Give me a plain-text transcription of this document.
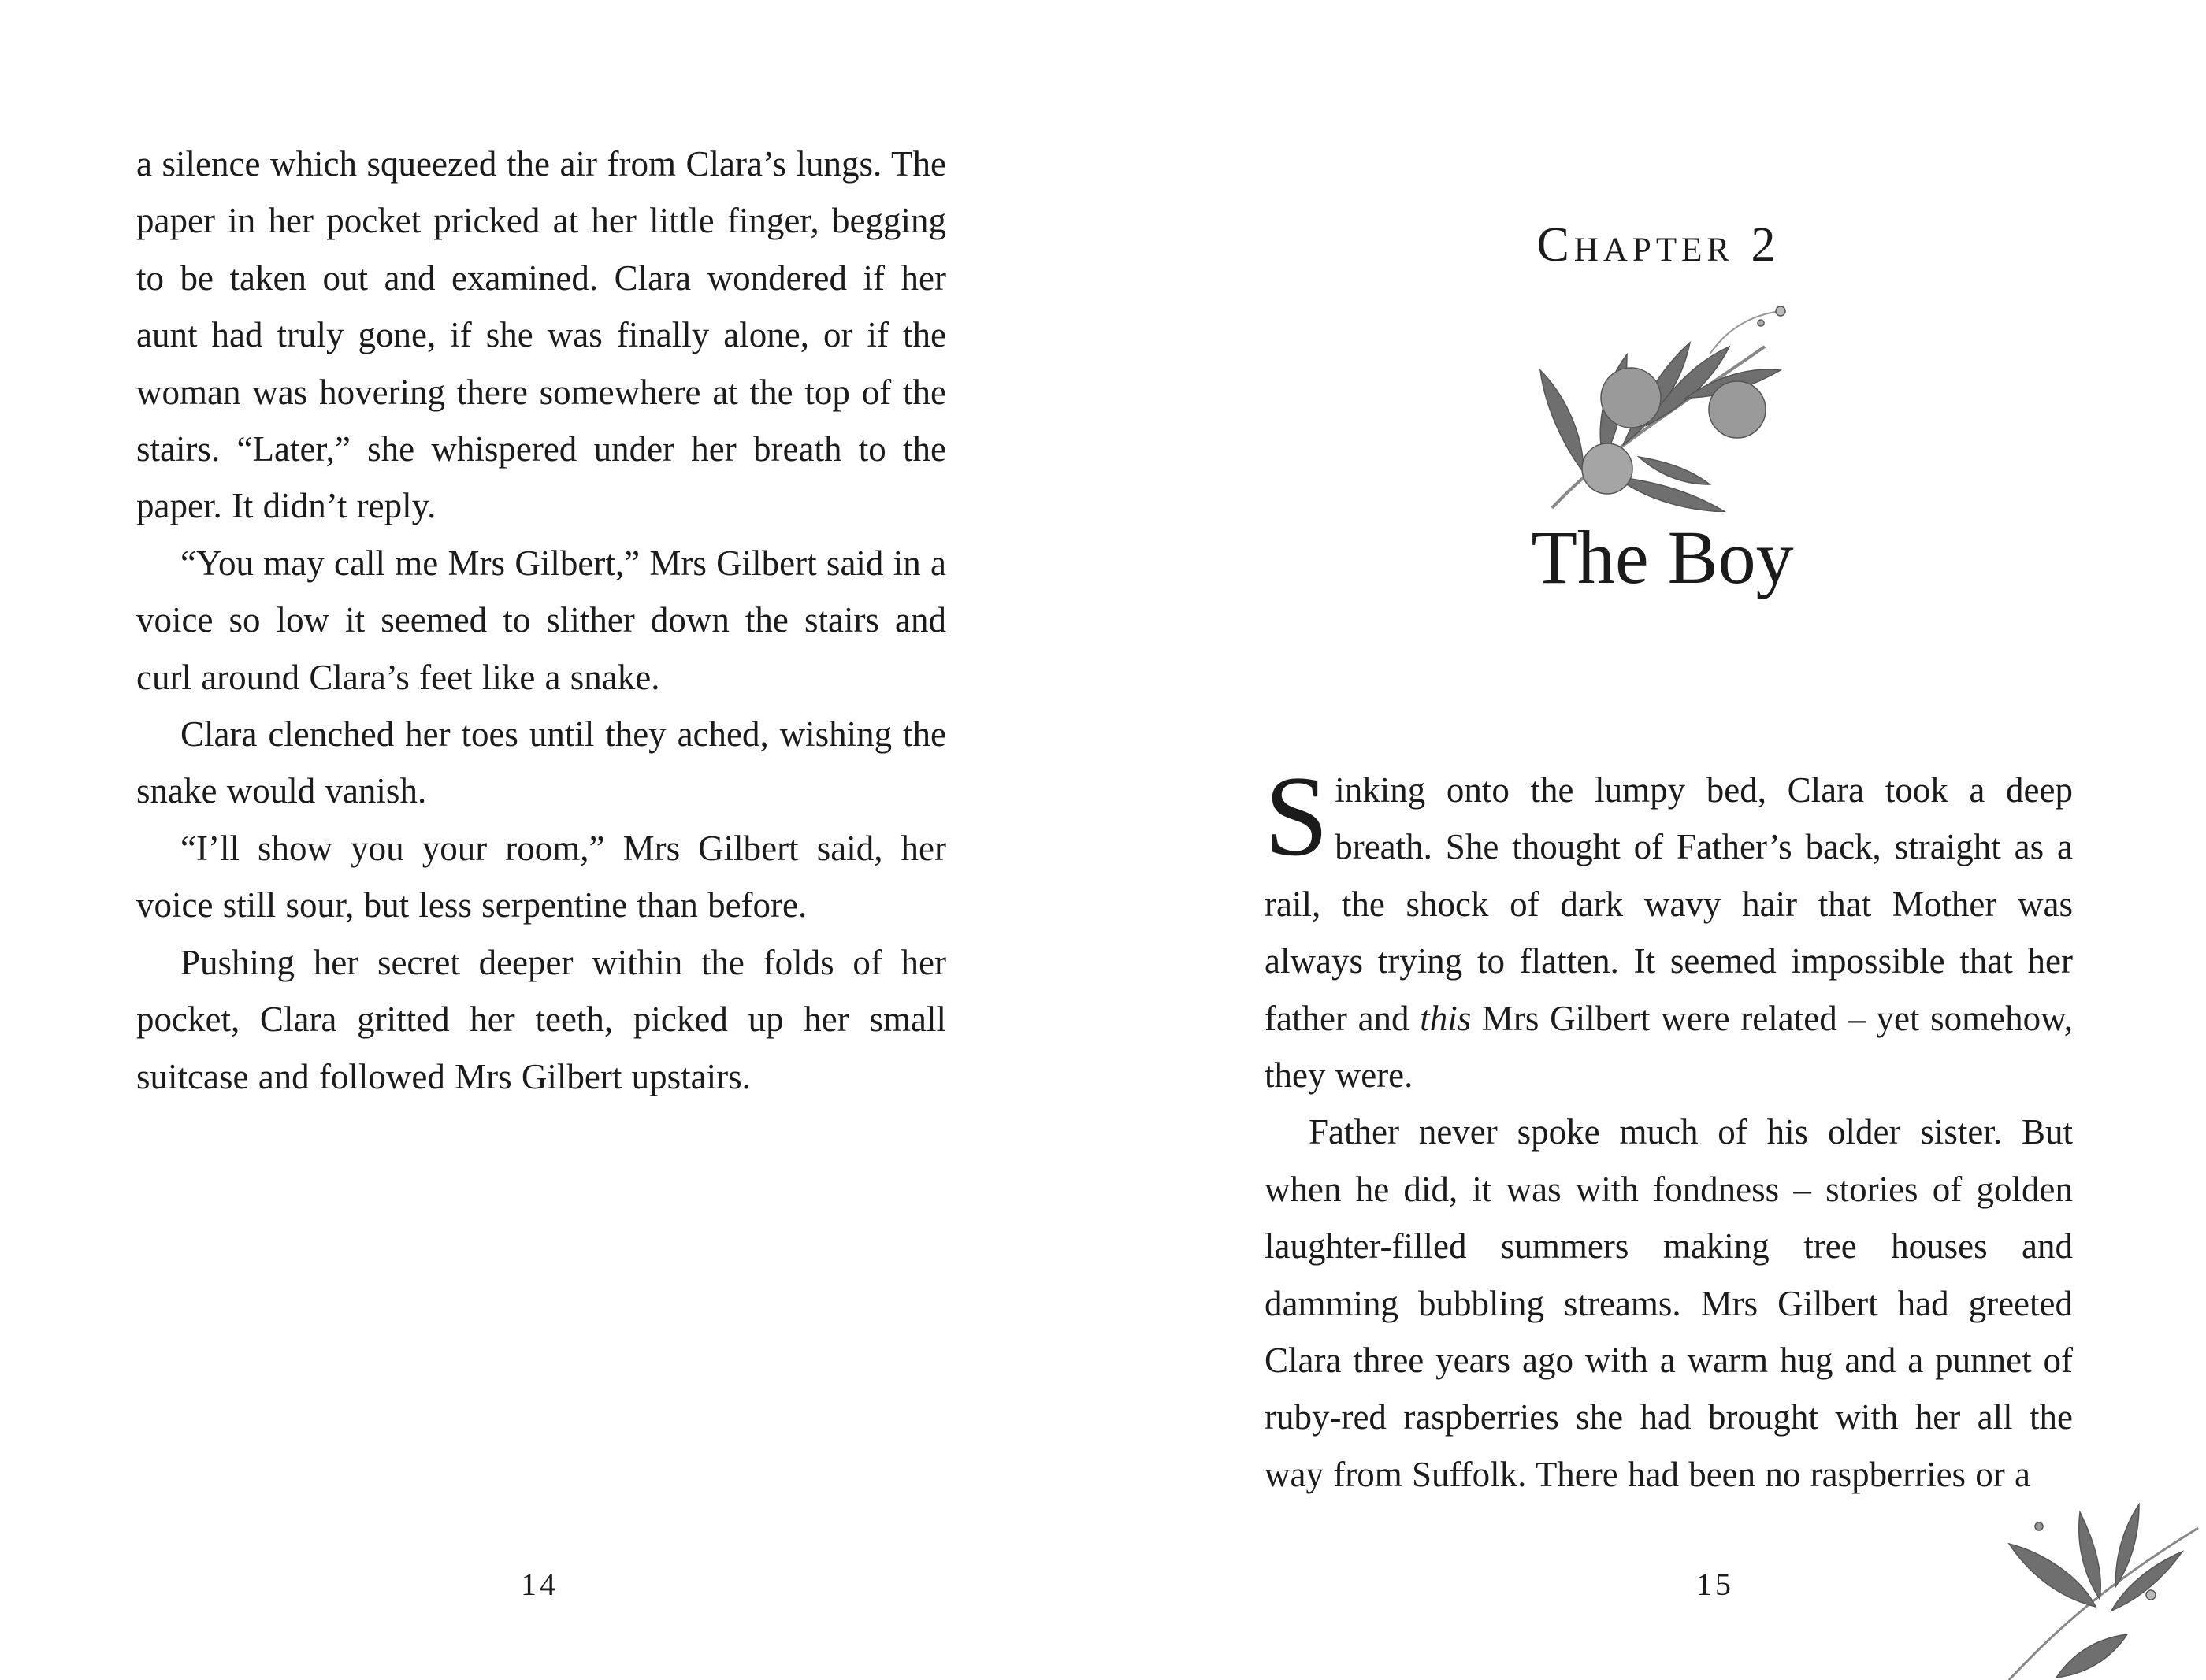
a silence which squeezed the air from Clara’s lungs. The paper in her pocket pricked at her little finger, begging to be taken out and examined. Clara wondered if her aunt had truly gone, if she was finally alone, or if the woman was hovering there somewhere at the top of the stairs. “Later,” she whispered under her breath to the paper. It didn’t reply.

“You may call me Mrs Gilbert,” Mrs Gilbert said in a voice so low it seemed to slither down the stairs and curl around Clara’s feet like a snake.

Clara clenched her toes until they ached, wishing the snake would vanish.

“I’ll show you your room,” Mrs Gilbert said, her voice still sour, but less serpentine than before.

Pushing her secret deeper within the folds of her pocket, Clara gritted her teeth, picked up her small suitcase and followed Mrs Gilbert upstairs.

14
Chapter 2
The Boy

Sinking onto the lumpy bed, Clara took a deep breath. She thought of Father’s back, straight as a rail, the shock of dark wavy hair that Mother was always trying to flatten. It seemed impossible that her father and this Mrs Gilbert were related – yet somehow, they were.

Father never spoke much of his older sister. But when he did, it was with fondness – stories of golden laughter-filled summers making tree houses and damming bubbling streams. Mrs Gilbert had greeted Clara three years ago with a warm hug and a punnet of ruby-red raspberries she had brought with her all the way from Suffolk. There had been no raspberries or a

15
